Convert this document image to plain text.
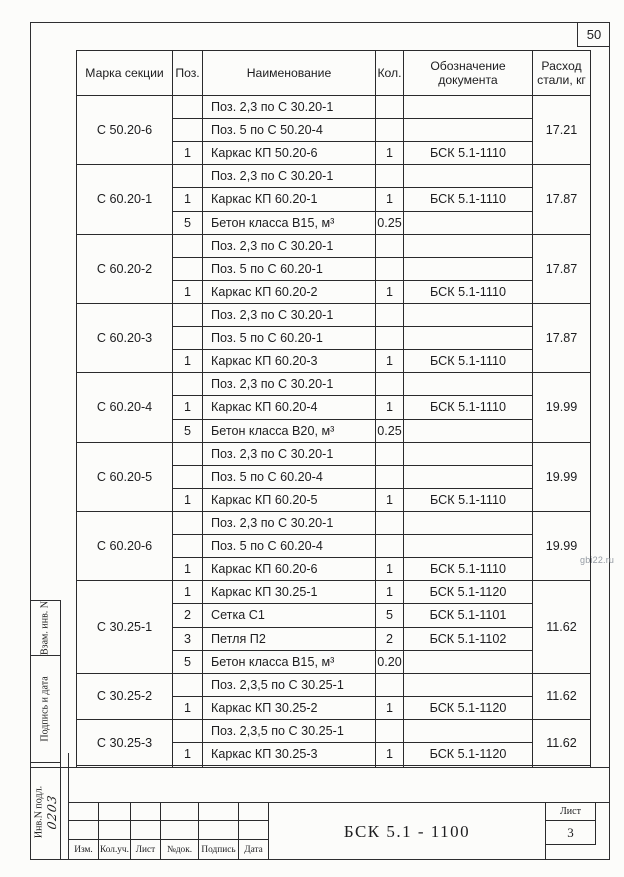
50
gbi22.ru
Марка секции	Поз.	Наименование	Кол.	Обозначение документа	Расход стали, кг
С 50.20-6		Поз. 2,3 по С 30.20-1			17.21
		Поз. 5 по С 50.20-4			
	1	Каркас КП 50.20-6	1	БСК 5.1-1110	
С 60.20-1		Поз. 2,3 по С 30.20-1			17.87
	1	Каркас КП 60.20-1	1	БСК 5.1-1110	
	5	Бетон класса В15, м³	0.25		
С 60.20-2		Поз. 2,3 по С 30.20-1			17.87
		Поз. 5 по С 60.20-1			
	1	Каркас КП 60.20-2	1	БСК 5.1-1110	
С 60.20-3		Поз. 2,3 по С 30.20-1			17.87
		Поз. 5 по С 60.20-1			
	1	Каркас КП 60.20-3	1	БСК 5.1-1110	
С 60.20-4		Поз. 2,3 по С 30.20-1			19.99
	1	Каркас КП 60.20-4	1	БСК 5.1-1110	
	5	Бетон класса В20, м³	0.25		
С 60.20-5		Поз. 2,3 по С 30.20-1			19.99
		Поз. 5 по С 60.20-4			
	1	Каркас КП 60.20-5	1	БСК 5.1-1110	
С 60.20-6		Поз. 2,3 по С 30.20-1			19.99
		Поз. 5 по С 60.20-4			
	1	Каркас КП 60.20-6	1	БСК 5.1-1110	
С 30.25-1	1	Каркас КП 30.25-1	1	БСК 5.1-1120	11.62
	2	Сетка С1	5	БСК 5.1-1101	
	3	Петля П2	2	БСК 5.1-1102	
	5	Бетон класса В15, м³	0.20		
С 30.25-2		Поз. 2,3,5 по С 30.25-1			11.62
	1	Каркас КП 30.25-2	1	БСК 5.1-1120	
С 30.25-3		Поз. 2,3,5 по С 30.25-1			11.62
	1	Каркас КП 30.25-3	1	БСК 5.1-1120	

Взам. инв. N
Подпись и дата
Инв.N подл. 0203
Изм. Кол.уч. Лист	№док.	Подпись Дата
БСК 5.1 - 1100
Лист
3
